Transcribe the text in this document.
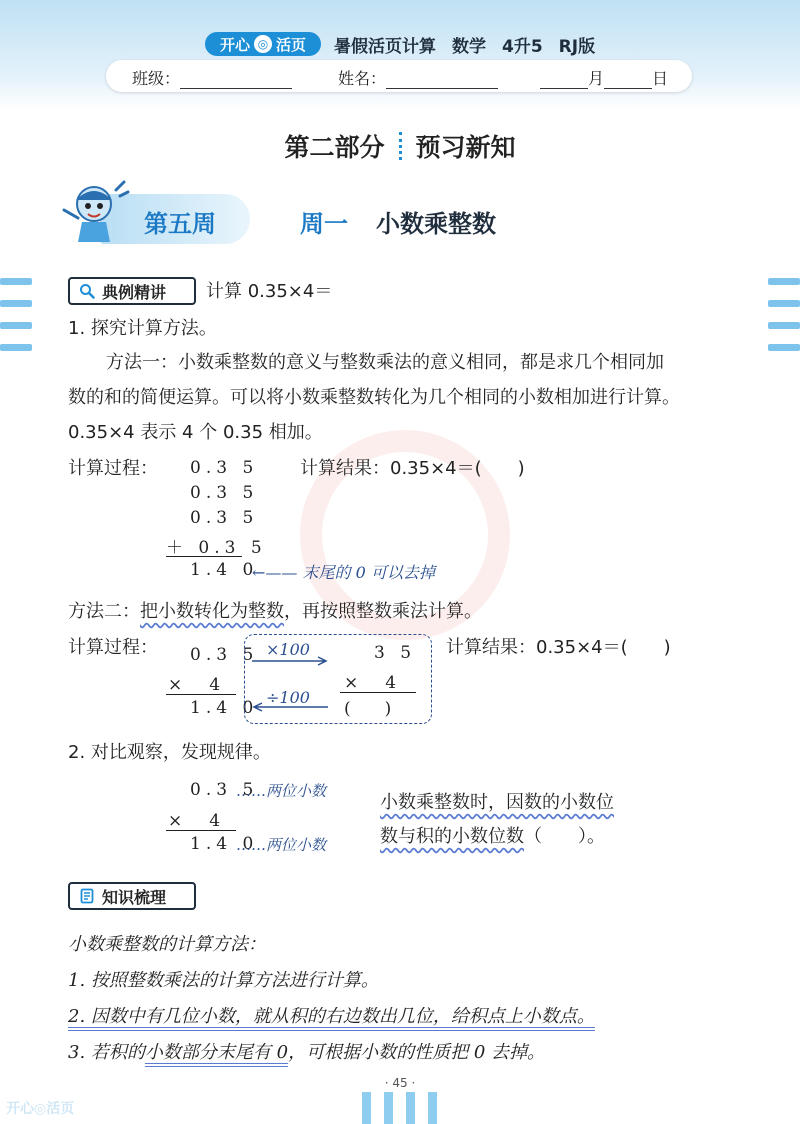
开心 ◎ 活页 暑假活页计算 数学 4升5 RJ版
班级：	姓名：	月	日
第二部分 预习新知
第五周	周一 小数乘整数
典例精讲 计算 0.35×4＝
1. 探究计算方法。
方法一：小数乘整数的意义与整数乘法的意义相同，都是求几个相同加
数的和的简便运算。可以将小数乘整数转化为几个相同的小数相加进行计算。
0.35×4 表示 4 个 0.35 相加。
计算过程： 0.3 5
0.3 5
0.3 5
＋ 0.3 5
1.4 0
←—— 末尾的 0 可以去掉
计算结果：0.35×4＝(　　)
方法二：把小数转化为整数，再按照整数乘法计算。
计算过程： 0.3 5
×　4
1.4 0
×100
÷100
3 5
×　4
(　　)
计算结果：0.35×4＝(　　)
2. 对比观察，发现规律。
0.3 5
……两位小数
×　4
1.4 0
……两位小数
小数乘整数时，因数的小数位
数与积的小数位数（　　）。
知识梳理
小数乘整数的计算方法：
1. 按照整数乘法的计算方法进行计算。
2. 因数中有几位小数，就从积的右边数出几位，给积点上小数点。
3. 若积的小数部分末尾有 0，可根据小数的性质把 0 去掉。
· 45 ·
开心◎活页
